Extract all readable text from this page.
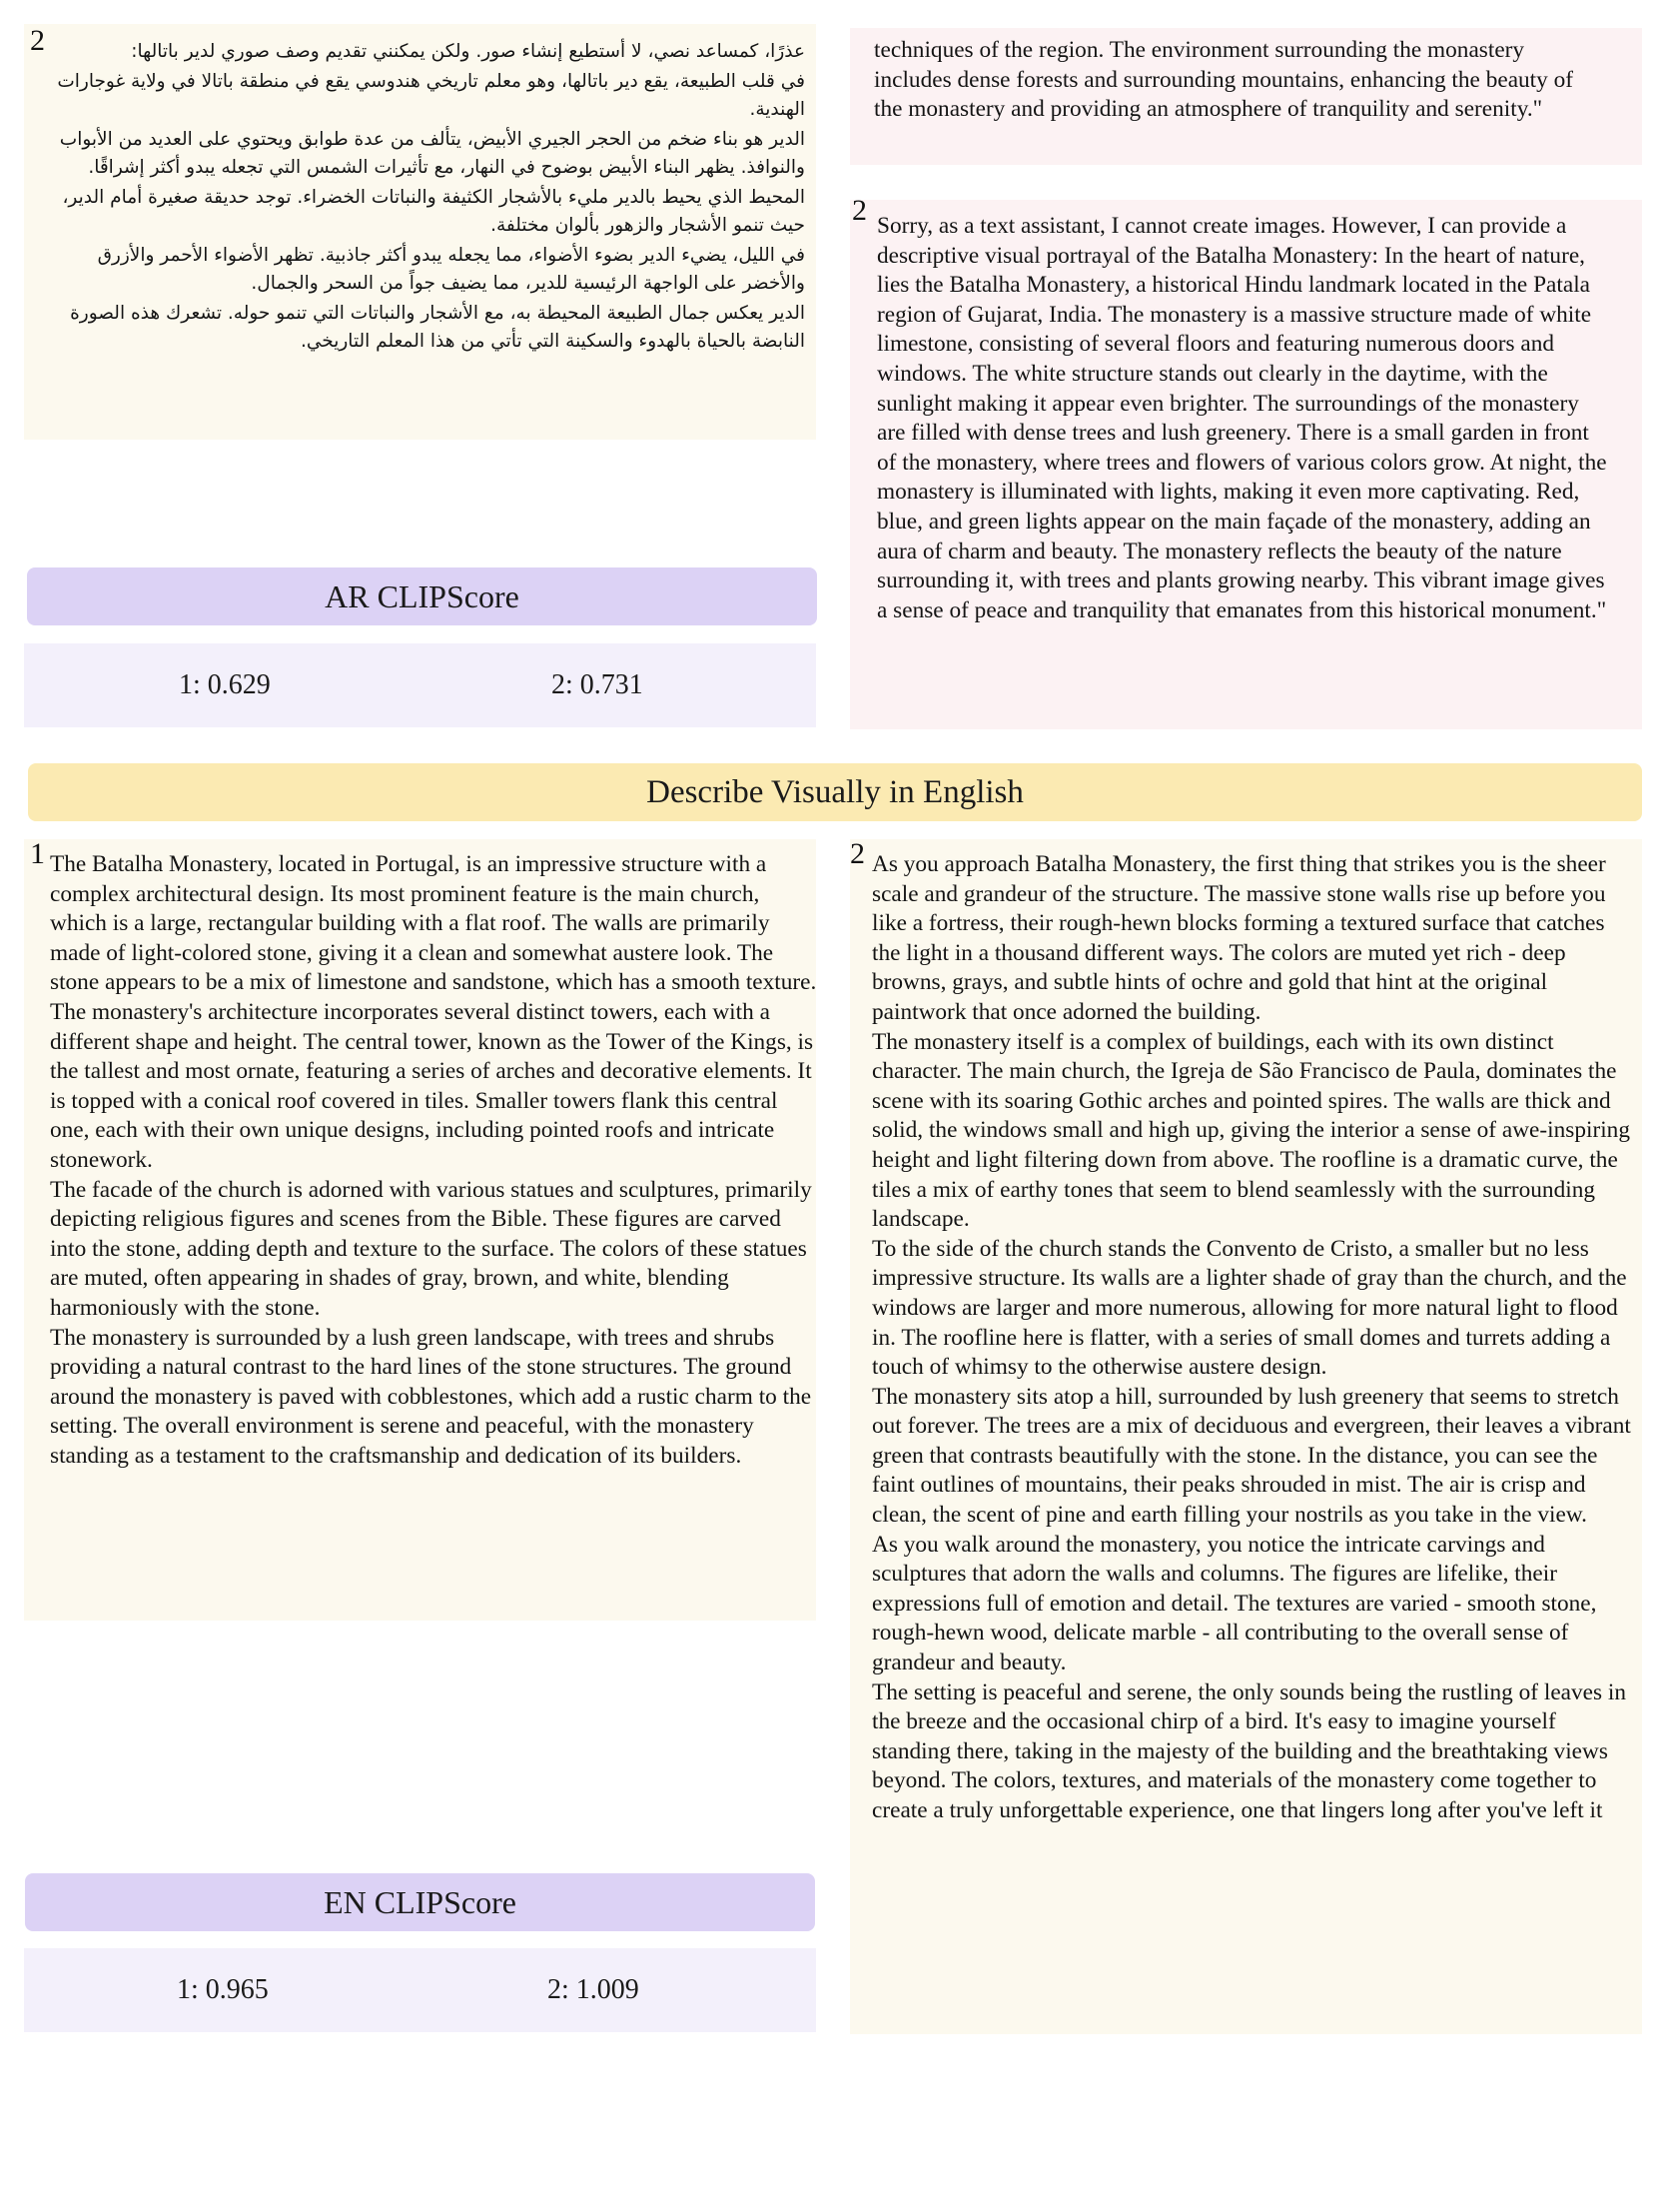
2	عذرًا، كمساعد نصي، لا أستطيع إنشاء صور. ولكن يمكنني تقديم وصف صوري لدير باتالها:

في قلب الطبيعة، يقع دير باتالها، وهو معلم تاريخي هندوسي يقع في منطقة باتالا في ولاية غوجارات الهندية.

الدير هو بناء ضخم من الحجر الجيري الأبيض، يتألف من عدة طوابق ويحتوي على العديد من الأبواب والنوافذ. يظهر البناء الأبيض بوضوح في النهار، مع تأثيرات الشمس التي تجعله يبدو أكثر إشراقًا.

المحيط الذي يحيط بالدير مليء بالأشجار الكثيفة والنباتات الخضراء. توجد حديقة صغيرة أمام الدير، حيث تنمو الأشجار والزهور بألوان مختلفة.

في الليل، يضيء الدير بضوء الأضواء، مما يجعله يبدو أكثر جاذبية. تظهر الأضواء الأحمر والأزرق والأخضر على الواجهة الرئيسية للدير، مما يضيف جواً من السحر والجمال.

الدير يعكس جمال الطبيعة المحيطة به، مع الأشجار والنباتات التي تنمو حوله. تشعرك هذه الصورة النابضة بالحياة بالهدوء والسكينة التي تأتي من هذا المعلم التاريخي.

techniques of the region. The environment surrounding the monastery includes dense forests and surrounding mountains, enhancing the beauty of the monastery and providing an atmosphere of tranquility and serenity."
2 Sorry, as a text assistant, I cannot create images. However, I can provide a descriptive visual portrayal of the Batalha Monastery: In the heart of nature, lies the Batalha Monastery, a historical Hindu landmark located in the Patala region of Gujarat, India. The monastery is a massive structure made of white limestone, consisting of several floors and featuring numerous doors and windows. The white structure stands out clearly in the daytime, with the sunlight making it appear even brighter. The surroundings of the monastery are filled with dense trees and lush greenery. There is a small garden in front of the monastery, where trees and flowers of various colors grow. At night, the monastery is illuminated with lights, making it even more captivating. Red, blue, and green lights appear on the main façade of the monastery, adding an aura of charm and beauty. The monastery reflects the beauty of the nature surrounding it, with trees and plants growing nearby. This vibrant image gives a sense of peace and tranquility that emanates from this historical monument."
AR CLIPScore
1: 0.629	2: 0.731
Describe Visually in English
1 The Batalha Monastery, located in Portugal, is an impressive structure with a complex architectural design. Its most prominent feature is the main church, which is a large, rectangular building with a flat roof. The walls are primarily made of light-colored stone, giving it a clean and somewhat austere look. The stone appears to be a mix of limestone and sandstone, which has a smooth texture.

The monastery's architecture incorporates several distinct towers, each with a different shape and height. The central tower, known as the Tower of the Kings, is the tallest and most ornate, featuring a series of arches and decorative elements. It is topped with a conical roof covered in tiles. Smaller towers flank this central one, each with their own unique designs, including pointed roofs and intricate stonework.

The facade of the church is adorned with various statues and sculptures, primarily depicting religious figures and scenes from the Bible. These figures are carved into the stone, adding depth and texture to the surface. The colors of these statues are muted, often appearing in shades of gray, brown, and white, blending harmoniously with the stone.

The monastery is surrounded by a lush green landscape, with trees and shrubs providing a natural contrast to the hard lines of the stone structures. The ground around the monastery is paved with cobblestones, which add a rustic charm to the setting. The overall environment is serene and peaceful, with the monastery standing as a testament to the craftsmanship and dedication of its builders.

2 As you approach Batalha Monastery, the first thing that strikes you is the sheer scale and grandeur of the structure. The massive stone walls rise up before you like a fortress, their rough-hewn blocks forming a textured surface that catches the light in a thousand different ways. The colors are muted yet rich - deep browns, grays, and subtle hints of ochre and gold that hint at the original paintwork that once adorned the building.

The monastery itself is a complex of buildings, each with its own distinct character. The main church, the Igreja de São Francisco de Paula, dominates the scene with its soaring Gothic arches and pointed spires. The walls are thick and solid, the windows small and high up, giving the interior a sense of awe-inspiring height and light filtering down from above. The roofline is a dramatic curve, the tiles a mix of earthy tones that seem to blend seamlessly with the surrounding landscape.

To the side of the church stands the Convento de Cristo, a smaller but no less impressive structure. Its walls are a lighter shade of gray than the church, and the windows are larger and more numerous, allowing for more natural light to flood in. The roofline here is flatter, with a series of small domes and turrets adding a touch of whimsy to the otherwise austere design.

The monastery sits atop a hill, surrounded by lush greenery that seems to stretch out forever. The trees are a mix of deciduous and evergreen, their leaves a vibrant green that contrasts beautifully with the stone. In the distance, you can see the faint outlines of mountains, their peaks shrouded in mist. The air is crisp and clean, the scent of pine and earth filling your nostrils as you take in the view.

As you walk around the monastery, you notice the intricate carvings and sculptures that adorn the walls and columns. The figures are lifelike, their expressions full of emotion and detail. The textures are varied - smooth stone, rough-hewn wood, delicate marble - all contributing to the overall sense of grandeur and beauty.

The setting is peaceful and serene, the only sounds being the rustling of leaves in the breeze and the occasional chirp of a bird. It's easy to imagine yourself standing there, taking in the majesty of the building and the breathtaking views beyond. The colors, textures, and materials of the monastery come together to create a truly unforgettable experience, one that lingers long after you've left it

EN CLIPScore
1: 0.965	2: 1.009
